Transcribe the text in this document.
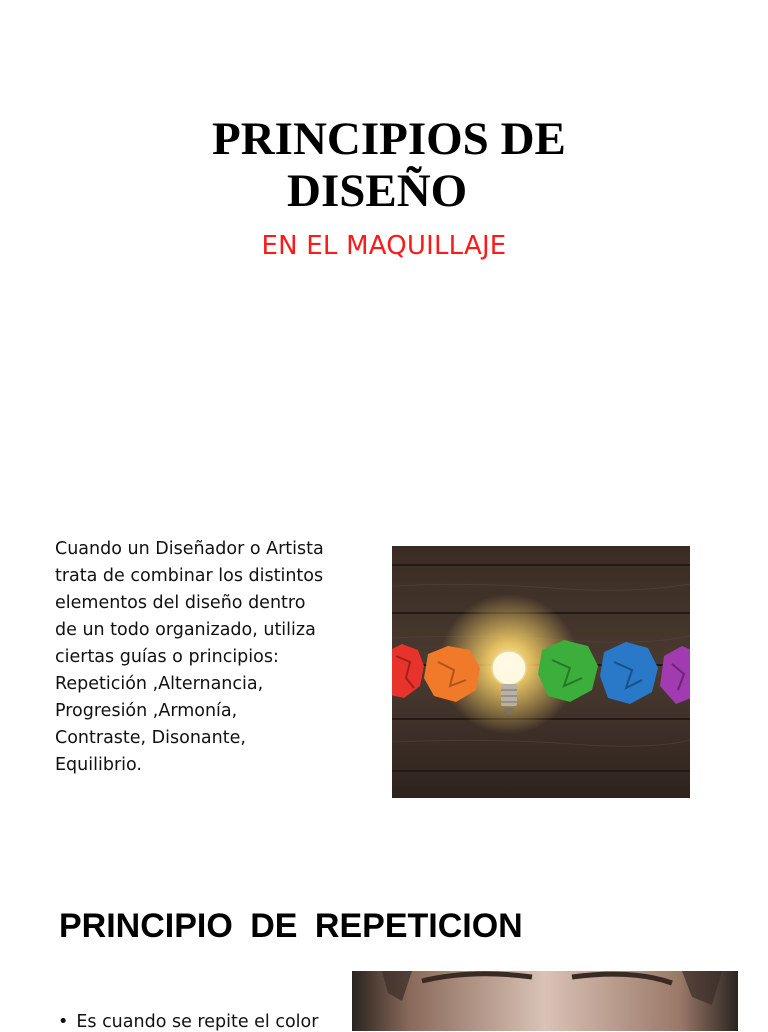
PRINCIPIOS DE
DISEÑO
EN EL MAQUILLAJE
Cuando un Diseñador o Artista
trata de combinar los distintos
elementos del diseño dentro
de un todo organizado, utiliza
ciertas guías o principios:
Repetición ,Alternancia,
Progresión ,Armonía,
Contraste, Disonante,
Equilibrio.
PRINCIPIO DE REPETICION
• Es cuando se repite el color
